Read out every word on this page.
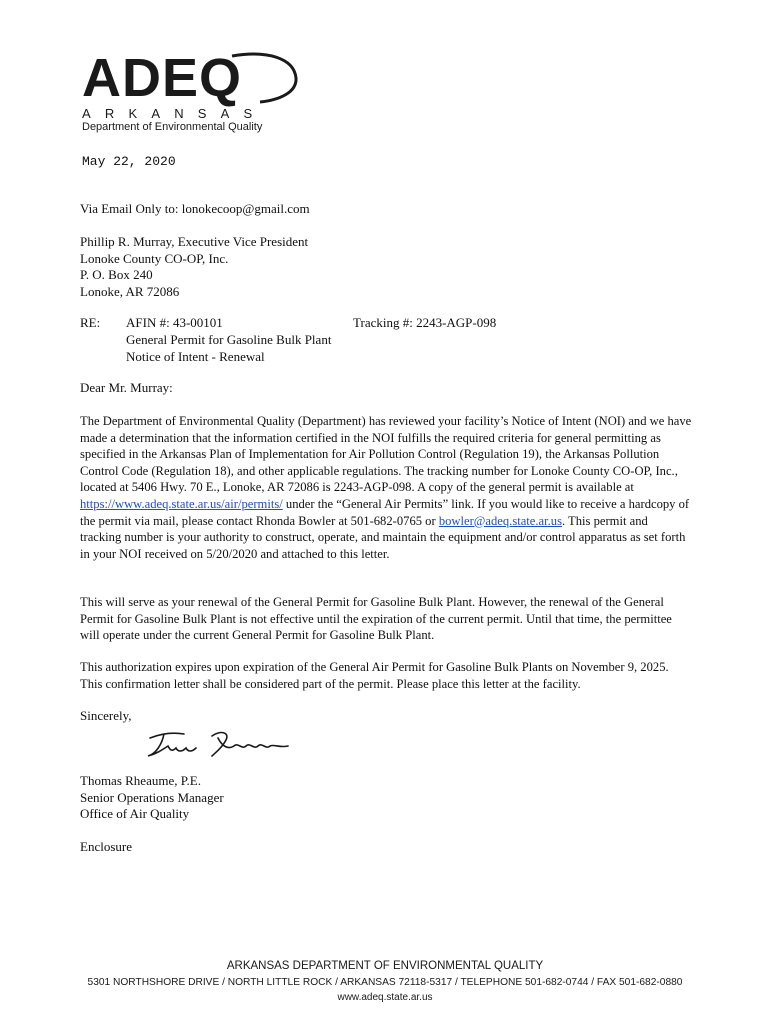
ADEQ
ARKANSAS
Department of Environmental Quality
May 22, 2020
Via Email Only to: lonokecoop@gmail.com
Phillip R. Murray, Executive Vice President
Lonoke County CO-OP, Inc.
P. O. Box 240
Lonoke, AR 72086
RE: AFIN #: 43-00101	Tracking #: 2243-AGP-098
General Permit for Gasoline Bulk Plant
Notice of Intent - Renewal
Dear Mr. Murray:

The Department of Environmental Quality (Department) has reviewed your facility’s Notice of Intent (NOI) and we have made a determination that the information certified in the NOI fulfills the required criteria for general permitting as specified in the Arkansas Plan of Implementation for Air Pollution Control (Regulation 19), the Arkansas Pollution Control Code (Regulation 18), and other applicable regulations. The tracking number for Lonoke County CO-OP, Inc., located at 5406 Hwy. 70 E., Lonoke, AR 72086 is 2243-AGP-098. A copy of the general permit is available at https://www.adeq.state.ar.us/air/permits/ under the “General Air Permits” link. If you would like to receive a hardcopy of the permit via mail, please contact Rhonda Bowler at 501-682-0765 or bowler@adeq.state.ar.us. This permit and tracking number is your authority to construct, operate, and maintain the equipment and/or control apparatus as set forth in your NOI received on 5/20/2020 and attached to this letter.

This will serve as your renewal of the General Permit for Gasoline Bulk Plant. However, the renewal of the General Permit for Gasoline Bulk Plant is not effective until the expiration of the current permit. Until that time, the permittee will operate under the current General Permit for Gasoline Bulk Plant.

This authorization expires upon expiration of the General Air Permit for Gasoline Bulk Plants on November 9, 2025. This confirmation letter shall be considered part of the permit. Please place this letter at the facility.

Sincerely,
Thomas Rheaume, P.E.
Senior Operations Manager
Office of Air Quality
Enclosure
ARKANSAS DEPARTMENT OF ENVIRONMENTAL QUALITY
5301 NORTHSHORE DRIVE / NORTH LITTLE ROCK / ARKANSAS 72118-5317 / TELEPHONE 501-682-0744 / FAX 501-682-0880
www.adeq.state.ar.us
